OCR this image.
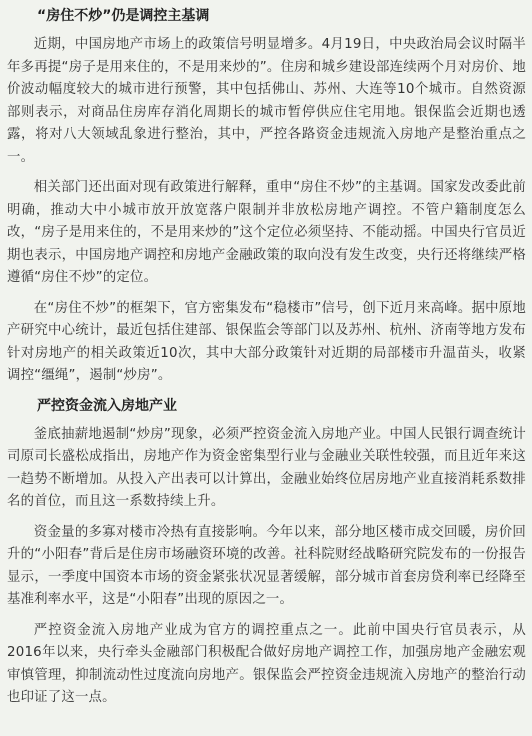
“房住不炒”仍是调控主基调

近期，中国房地产市场上的政策信号明显增多。4月19日，中央政治局会议时隔半年多再提“房子是用来住的，不是用来炒的”。住房和城乡建设部连续两个月对房价、地价波动幅度较大的城市进行预警，其中包括佛山、苏州、大连等10个城市。自然资源部则表示，对商品住房库存消化周期长的城市暂停供应住宅用地。银保监会近期也透露，将对八大领域乱象进行整治，其中，严控各路资金违规流入房地产是整治重点之一。

相关部门还出面对现有政策进行解释，重申“房住不炒”的主基调。国家发改委此前明确，推动大中小城市放开放宽落户限制并非放松房地产调控。不管户籍制度怎么改，“房子是用来住的，不是用来炒的”这个定位必须坚持、不能动摇。中国央行官员近期也表示，中国房地产调控和房地产金融政策的取向没有发生改变，央行还将继续严格遵循“房住不炒”的定位。

在“房住不炒”的框架下，官方密集发布“稳楼市”信号，创下近月来高峰。据中原地产研究中心统计，最近包括住建部、银保监会等部门以及苏州、杭州、济南等地方发布针对房地产的相关政策近10次，其中大部分政策针对近期的局部楼市升温苗头，收紧调控“缰绳”，遏制“炒房”。

严控资金流入房地产业

釜底抽薪地遏制“炒房”现象，必须严控资金流入房地产业。中国人民银行调查统计司原司长盛松成指出，房地产作为资金密集型行业与金融业关联性较强，而且近年来这一趋势不断增加。从投入产出表可以计算出，金融业始终位居房地产业直接消耗系数排名的首位，而且这一系数持续上升。

资金量的多寡对楼市冷热有直接影响。今年以来，部分地区楼市成交回暖，房价回升的“小阳春”背后是住房市场融资环境的改善。社科院财经战略研究院发布的一份报告显示，一季度中国资本市场的资金紧张状况显著缓解，部分城市首套房贷利率已经降至基准利率水平，这是“小阳春”出现的原因之一。

严控资金流入房地产业成为官方的调控重点之一。此前中国央行官员表示，从2016年以来，央行牵头金融部门积极配合做好房地产调控工作，加强房地产金融宏观审慎管理，抑制流动性过度流向房地产。银保监会严控资金违规流入房地产的整治行动也印证了这一点。
